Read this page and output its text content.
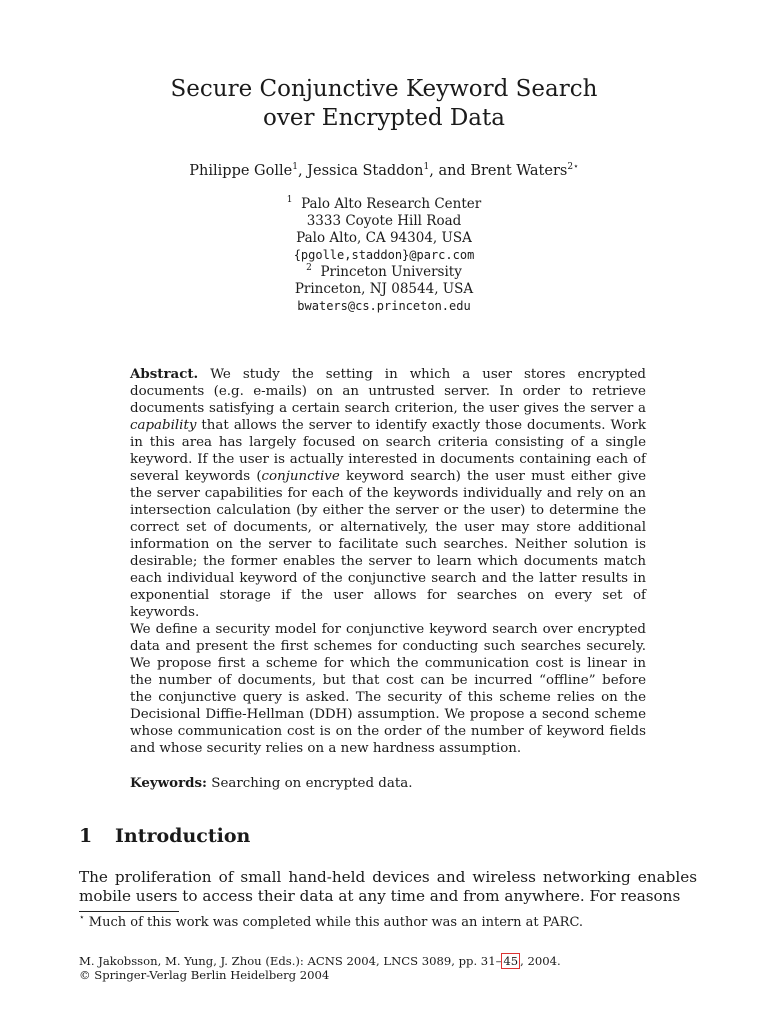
Secure Conjunctive Keyword Search
over Encrypted Data
Philippe Golle$^1$, Jessica Staddon$^1$, and Brent Waters$^{2⋆}$
$^1$ Palo Alto Research Center
3333 Coyote Hill Road
Palo Alto, CA 94304, USA
{pgolle,staddon}@parc.com
$^2$ Princeton University
Princeton, NJ 08544, USA
bwaters@cs.princeton.edu

Abstract. We study the setting in which a user stores encrypted documents (e.g. e-mails) on an untrusted server. In order to retrieve documents satisfying a certain search criterion, the user gives the server a capability that allows the server to identify exactly those documents. Work in this area has largely focused on search criteria consisting of a single keyword. If the user is actually interested in documents containing each of several keywords (conjunctive keyword search) the user must either give the server capabilities for each of the keywords individually and rely on an intersection calculation (by either the server or the user) to determine the correct set of documents, or alternatively, the user may store additional information on the server to facilitate such searches. Neither solution is desirable; the former enables the server to learn which documents match each individual keyword of the conjunctive search and the latter results in exponential storage if the user allows for searches on every set of keywords.

We define a security model for conjunctive keyword search over encrypted data and present the first schemes for conducting such searches securely. We propose first a scheme for which the communication cost is linear in the number of documents, but that cost can be incurred “offline” before the conjunctive query is asked. The security of this scheme relies on the Decisional Diffie-Hellman (DDH) assumption. We propose a second scheme whose communication cost is on the order of the number of keyword fields and whose security relies on a new hardness assumption.

Keywords: Searching on encrypted data.
1 Introduction
The proliferation of small hand-held devices and wireless networking enables mobile users to access their data at any time and from anywhere. For reasons
⋆ Much of this work was completed while this author was an intern at PARC.
M. Jakobsson, M. Yung, J. Zhou (Eds.): ACNS 2004, LNCS 3089, pp. 31– 45 , 2004.
© Springer-Verlag Berlin Heidelberg 2004
